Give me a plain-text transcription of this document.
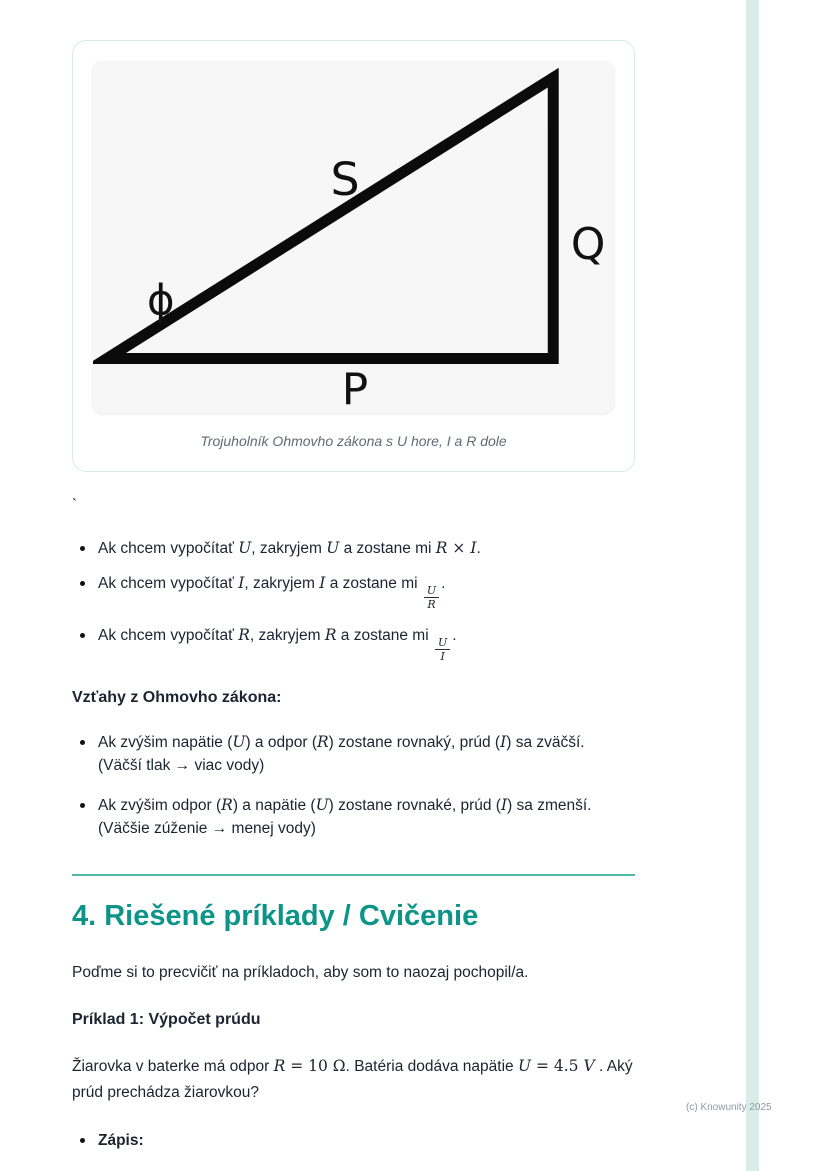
S
Q
P
ϕ
Trojuholník Ohmovho zákona s U hore, I a R dole
`
Ak chcem vypočítať U, zakryjem U a zostane mi R × I.
Ak chcem vypočítať I, zakryjem I a zostane mi
$\frac{U}{R}$
.
Ak chcem vypočítať R, zakryjem R a zostane mi
$\frac{U}{I}$
.
Vzťahy z Ohmovho zákona:
Ak zvýšim napätie (U) a odpor (R) zostane rovnaký, prúd (I) sa zväčší.
(Väčší tlak → viac vody)
Ak zvýšim odpor (R) a napätie (U) zostane rovnaké, prúd (I) sa zmenší.
(Väčšie zúženie → menej vody)
4. Riešené príklady / Cvičenie

Poďme si to precvičiť na príkladoch, aby som to naozaj pochopil/a.

Príklad 1: Výpočet prúdu

Žiarovka v baterke má odpor R = 10 Ω. Batéria dodáva napätie U = 4.5 V . Aký prúd prechádza žiarovkou?

Zápis:
(c) Knowunity 2025
